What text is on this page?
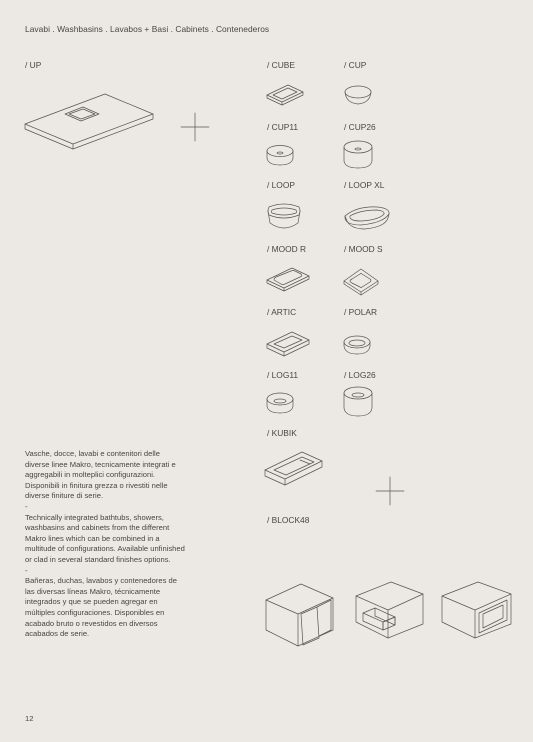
Lavabi . Washbasins . Lavabos + Basi . Cabinets . Contenederos
/ UP	/ CUBE	/ CUP
/ CUP11	/ CUP26
/ LOOP	/ LOOP XL
/ MOOD R	/ MOOD S
/ ARTIC	/ POLAR
/ LOG11	/ LOG26
/ KUBIK
/ BLOCK48

Vasche, docce, lavabi e contenitori delle diverse linee Makro, tecnicamente integrati e aggregabili in molteplici configurazioni. Disponibili in finitura grezza o rivestiti nelle diverse finiture di serie.

-

Technically integrated bathtubs, showers, washbasins and cabinets from the different Makro lines which can be combined in a multitude of configurations. Available unfinished or clad in several standard finishes options.

-

Bañeras, duchas, lavabos y contenedores de las diversas líneas Makro, técnicamente integrados y que se pueden agregar en múltiples configuraciones. Disponibles en acabado bruto o revestidos en diversos acabados de serie.

12
